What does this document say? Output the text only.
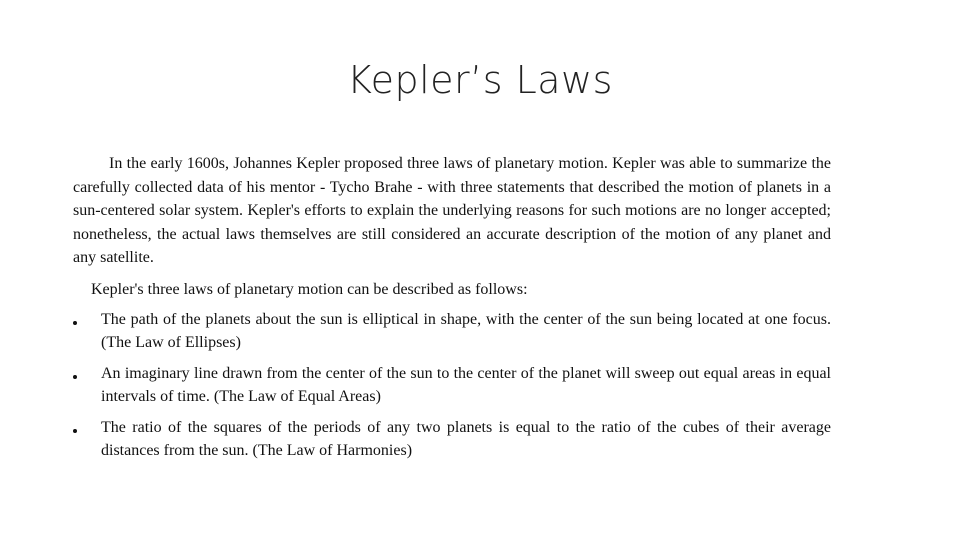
Kepler’s Laws

In the early 1600s, Johannes Kepler proposed three laws of planetary motion. Kepler was able to summarize the carefully collected data of his mentor - Tycho Brahe - with three statements that described the motion of planets in a sun-centered solar system. Kepler's efforts to explain the underlying reasons for such motions are no longer accepted; nonetheless, the actual laws themselves are still considered an accurate description of the motion of any planet and any satellite.

Kepler's three laws of planetary motion can be described as follows:

The path of the planets about the sun is elliptical in shape, with the center of the sun being located at one focus. (The Law of Ellipses)
An imaginary line drawn from the center of the sun to the center of the planet will sweep out equal areas in equal intervals of time. (The Law of Equal Areas)
The ratio of the squares of the periods of any two planets is equal to the ratio of the cubes of their average distances from the sun. (The Law of Harmonies)
